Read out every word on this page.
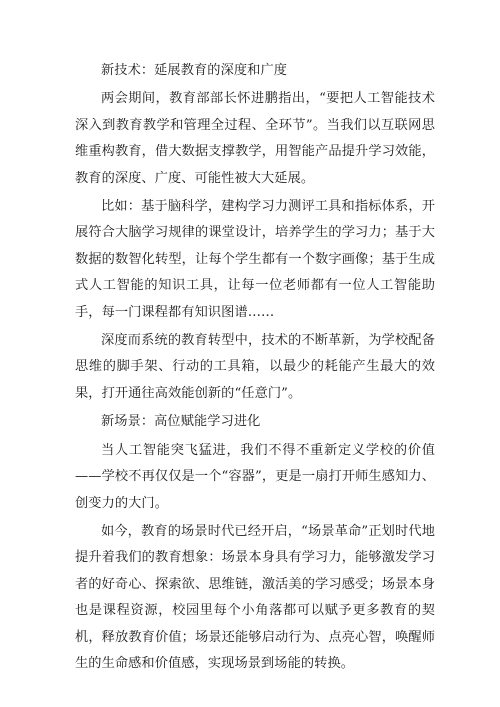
新技术：延展教育的深度和广度

两会期间，教育部部长怀进鹏指出，“要把人工智能技术深入到教育教学和管理全过程、全环节”。当我们以互联网思维重构教育，借大数据支撑教学，用智能产品提升学习效能，教育的深度、广度、可能性被大大延展。

比如：基于脑科学，建构学习力测评工具和指标体系，开展符合大脑学习规律的课堂设计，培养学生的学习力；基于大数据的数智化转型，让每个学生都有一个数字画像；基于生成式人工智能的知识工具，让每一位老师都有一位人工智能助手，每一门课程都有知识图谱……

深度而系统的教育转型中，技术的不断革新，为学校配备思维的脚手架、行动的工具箱，以最少的耗能产生最大的效果，打开通往高效能创新的“任意门”。

新场景：高位赋能学习进化

当人工智能突飞猛进，我们不得不重新定义学校的价值——学校不再仅仅是一个“容器”，更是一扇打开师生感知力、创变力的大门。

如今，教育的场景时代已经开启，“场景革命”正划时代地提升着我们的教育想象：场景本身具有学习力，能够激发学习者的好奇心、探索欲、思维链，激活美的学习感受；场景本身也是课程资源，校园里每个小角落都可以赋予更多教育的契机，释放教育价值；场景还能够启动行为、点亮心智，唤醒师生的生命感和价值感，实现场景到场能的转换。
